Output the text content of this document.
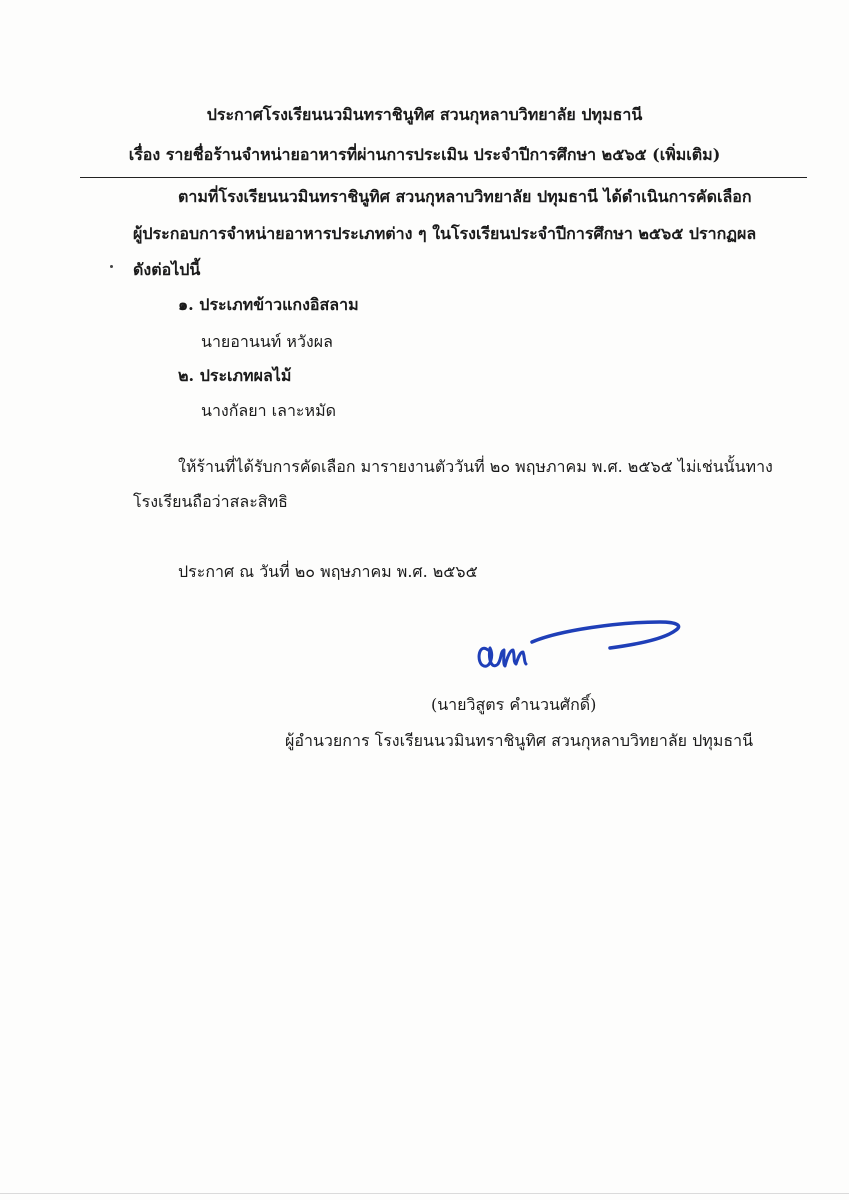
ประกาศโรงเรียนนวมินทราชินูทิศ สวนกุหลาบวิทยาลัย ปทุมธานี
เรื่อง รายชื่อร้านจำหน่ายอาหารที่ผ่านการประเมิน ประจำปีการศึกษา ๒๕๖๕ (เพิ่มเติม)
ตามที่โรงเรียนนวมินทราชินูทิศ สวนกุหลาบวิทยาลัย ปทุมธานี ได้ดำเนินการคัดเลือก
ผู้ประกอบการจำหน่ายอาหารประเภทต่าง ๆ ในโรงเรียนประจำปีการศึกษา ๒๕๖๕ ปรากฏผล
ดังต่อไปนี้
๑. ประเภทข้าวแกงอิสลาม
นายอานนท์ หวังผล
๒. ประเภทผลไม้
นางกัลยา เลาะหมัด
ให้ร้านที่ได้รับการคัดเลือก มารายงานตัววันที่ ๒๐ พฤษภาคม พ.ศ. ๒๕๖๕ ไม่เช่นนั้นทาง
โรงเรียนถือว่าสละสิทธิ
ประกาศ ณ วันที่ ๒๐ พฤษภาคม พ.ศ. ๒๕๖๕
(นายวิสูตร คำนวนศักดิ์)
ผู้อำนวยการ โรงเรียนนวมินทราชินูทิศ สวนกุหลาบวิทยาลัย ปทุมธานี
